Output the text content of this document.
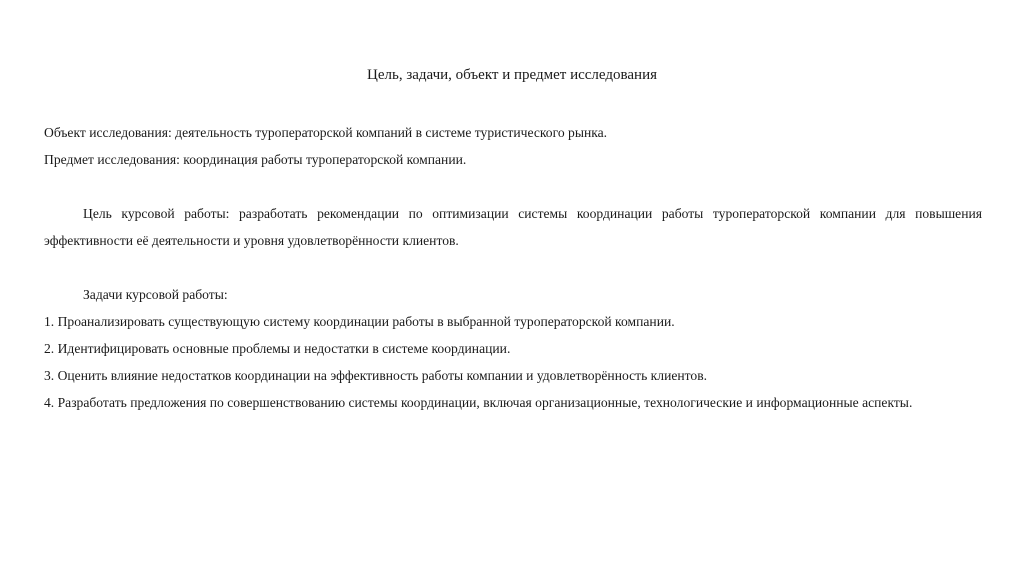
Цель, задачи, объект и предмет исследования

Объект исследования: деятельность туроператорской компаний в системе туристического рынка.

Предмет исследования: координация работы туроператорской компании.

Цель курсовой работы: разработать рекомендации по оптимизации системы координации работы туроператорской компании для повышения эффективности её деятельности и уровня удовлетворённости клиентов.

Задачи курсовой работы:

1. Проанализировать существующую систему координации работы в выбранной туроператорской компании.

2. Идентифицировать основные проблемы и недостатки в системе координации.

3. Оценить влияние недостатков координации на эффективность работы компании и удовлетворённость клиентов.

4. Разработать предложения по совершенствованию системы координации, включая организационные, технологические и информационные аспекты.
